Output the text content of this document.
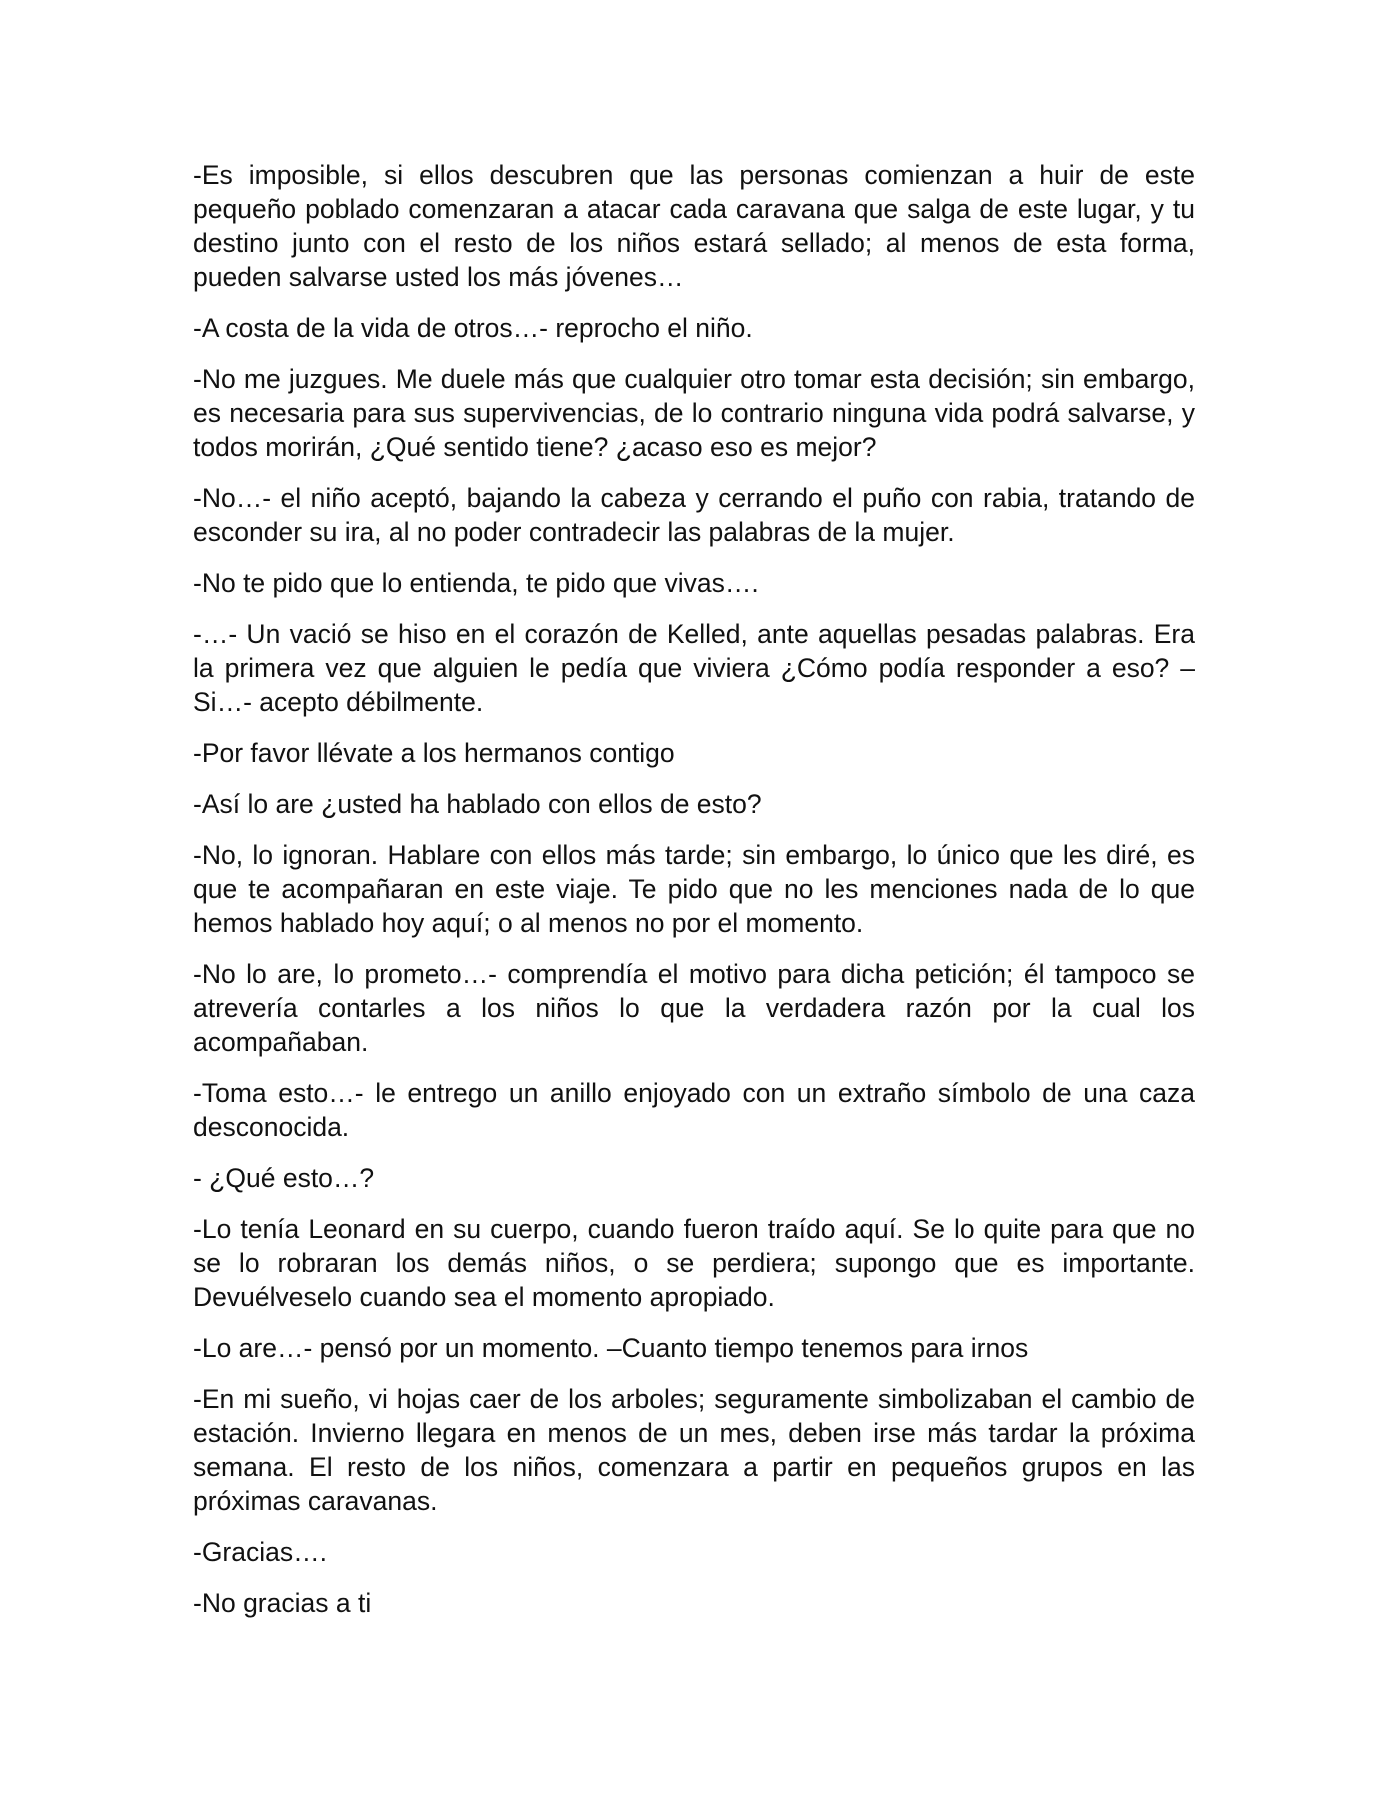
-Es imposible, si ellos descubren que las personas comienzan a huir de este pequeño poblado comenzaran a atacar cada caravana que salga de este lugar, y tu destino junto con el resto de los niños estará sellado; al menos de esta forma, pueden salvarse usted los más jóvenes…

-A costa de la vida de otros…- reprocho el niño.

-No me juzgues. Me duele más que cualquier otro tomar esta decisión; sin embargo, es necesaria para sus supervivencias, de lo contrario ninguna vida podrá salvarse, y todos morirán, ¿Qué sentido tiene? ¿acaso eso es mejor?

-No…- el niño aceptó, bajando la cabeza y cerrando el puño con rabia, tratando de esconder su ira, al no poder contradecir las palabras de la mujer.

-No te pido que lo entienda, te pido que vivas….

-…- Un vació se hiso en el corazón de Kelled, ante aquellas pesadas palabras. Era la primera vez que alguien le pedía que viviera ¿Cómo podía responder a eso? –Si…- acepto débilmente.

-Por favor llévate a los hermanos contigo

-Así lo are ¿usted ha hablado con ellos de esto?

-No, lo ignoran. Hablare con ellos más tarde; sin embargo, lo único que les diré, es que te acompañaran en este viaje. Te pido que no les menciones nada de lo que hemos hablado hoy aquí; o al menos no por el momento.

-No lo are, lo prometo…- comprendía el motivo para dicha petición; él tampoco se atrevería contarles a los niños lo que la verdadera razón por la cual los acompañaban.

-Toma esto…- le entrego un anillo enjoyado con un extraño símbolo de una caza desconocida.

- ¿Qué esto…?

-Lo tenía Leonard en su cuerpo, cuando fueron traído aquí. Se lo quite para que no se lo robraran los demás niños, o se perdiera; supongo que es importante. Devuélveselo cuando sea el momento apropiado.

-Lo are…- pensó por un momento. –Cuanto tiempo tenemos para irnos

-En mi sueño, vi hojas caer de los arboles; seguramente simbolizaban el cambio de estación. Invierno llegara en menos de un mes, deben irse más tardar la próxima semana. El resto de los niños, comenzara a partir en pequeños grupos en las próximas caravanas.

-Gracias….

-No gracias a ti
